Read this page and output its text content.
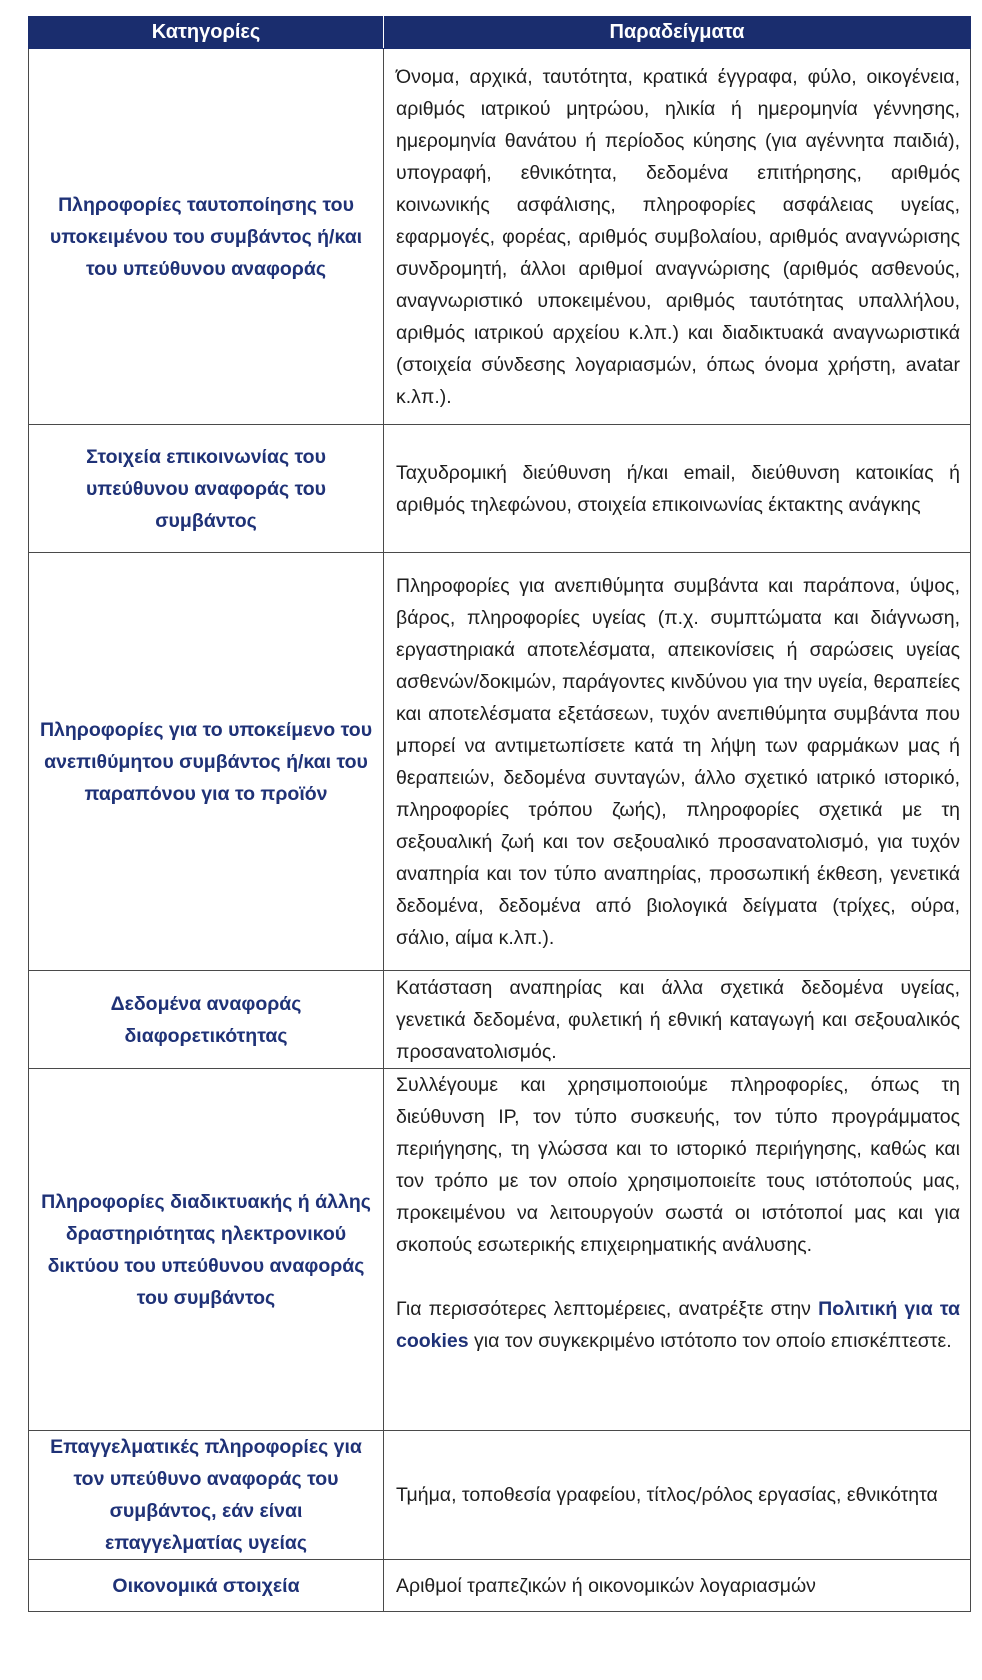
Κατηγορίες	Παραδείγματα
Πληροφορίες ταυτοποίησης του υποκειμένου του συμβάντος ή/και του υπεύθυνου αναφοράς	Όνομα, αρχικά, ταυτότητα, κρατικά έγγραφα, φύλο, οικογένεια, αριθμός ιατρικού μητρώου, ηλικία ή ημερομηνία γέννησης, ημερομηνία θανάτου ή περίοδος κύησης (για αγέννητα παιδιά), υπογραφή, εθνικότητα, δεδομένα επιτήρησης, αριθμός κοινωνικής ασφάλισης, πληροφορίες ασφάλειας υγείας, εφαρμογές, φορέας, αριθμός συμβολαίου, αριθμός αναγνώρισης συνδρομητή, άλλοι αριθμοί αναγνώρισης (αριθμός ασθενούς, αναγνωριστικό υποκειμένου, αριθμός ταυτότητας υπαλλήλου, αριθμός ιατρικού αρχείου κ.λπ.) και διαδικτυακά αναγνωριστικά (στοιχεία σύνδεσης λογαριασμών, όπως όνομα χρήστη, avatar κ.λπ.).
Στοιχεία επικοινωνίας του υπεύθυνου αναφοράς του συμβάντος	Ταχυδρομική διεύθυνση ή/και email, διεύθυνση κατοικίας ή αριθμός τηλεφώνου, στοιχεία επικοινωνίας έκτακτης ανάγκης
Πληροφορίες για το υποκείμενο του ανεπιθύμητου συμβάντος ή/και του παραπόνου για το προϊόν	Πληροφορίες για ανεπιθύμητα συμβάντα και παράπονα, ύψος, βάρος, πληροφορίες υγείας (π.χ. συμπτώματα και διάγνωση, εργαστηριακά αποτελέσματα, απεικονίσεις ή σαρώσεις υγείας ασθενών/δοκιμών, παράγοντες κινδύνου για την υγεία, θεραπείες και αποτελέσματα εξετάσεων, τυχόν ανεπιθύμητα συμβάντα που μπορεί να αντιμετωπίσετε κατά τη λήψη των φαρμάκων μας ή θεραπειών, δεδομένα συνταγών, άλλο σχετικό ιατρικό ιστορικό, πληροφορίες τρόπου ζωής), πληροφορίες σχετικά με τη σεξουαλική ζωή και τον σεξουαλικό προσανατολισμό, για τυχόν αναπηρία και τον τύπο αναπηρίας, προσωπική έκθεση, γενετικά δεδομένα, δεδομένα από βιολογικά δείγματα (τρίχες, ούρα, σάλιο, αίμα κ.λπ.).
Δεδομένα αναφοράς διαφορετικότητας	Κατάσταση αναπηρίας και άλλα σχετικά δεδομένα υγείας, γενετικά δεδομένα, φυλετική ή εθνική καταγωγή και σεξουαλικός προσανατολισμός.
Πληροφορίες διαδικτυακής ή άλλης δραστηριότητας ηλεκτρονικού δικτύου του υπεύθυνου αναφοράς του συμβάντος	Συλλέγουμε και χρησιμοποιούμε πληροφορίες, όπως τη διεύθυνση IP, τον τύπο συσκευής, τον τύπο προγράμματος περιήγησης, τη γλώσσα και το ιστορικό περιήγησης, καθώς και τον τρόπο με τον οποίο χρησιμοποιείτε τους ιστότοπούς μας, προκειμένου να λειτουργούν σωστά οι ιστότοποί μας και για σκοπούς εσωτερικής επιχειρηματικής ανάλυσης.
Για περισσότερες λεπτομέρειες, ανατρέξτε στην Πολιτική για τα cookies για τον συγκεκριμένο ιστότοπο τον οποίο επισκέπτεστε.

Επαγγελματικές πληροφορίες για τον υπεύθυνο αναφοράς του συμβάντος, εάν είναι επαγγελματίας υγείας	Τμήμα, τοποθεσία γραφείου, τίτλος/ρόλος εργασίας, εθνικότητα
Οικονομικά στοιχεία	Αριθμοί τραπεζικών ή οικονομικών λογαριασμών
